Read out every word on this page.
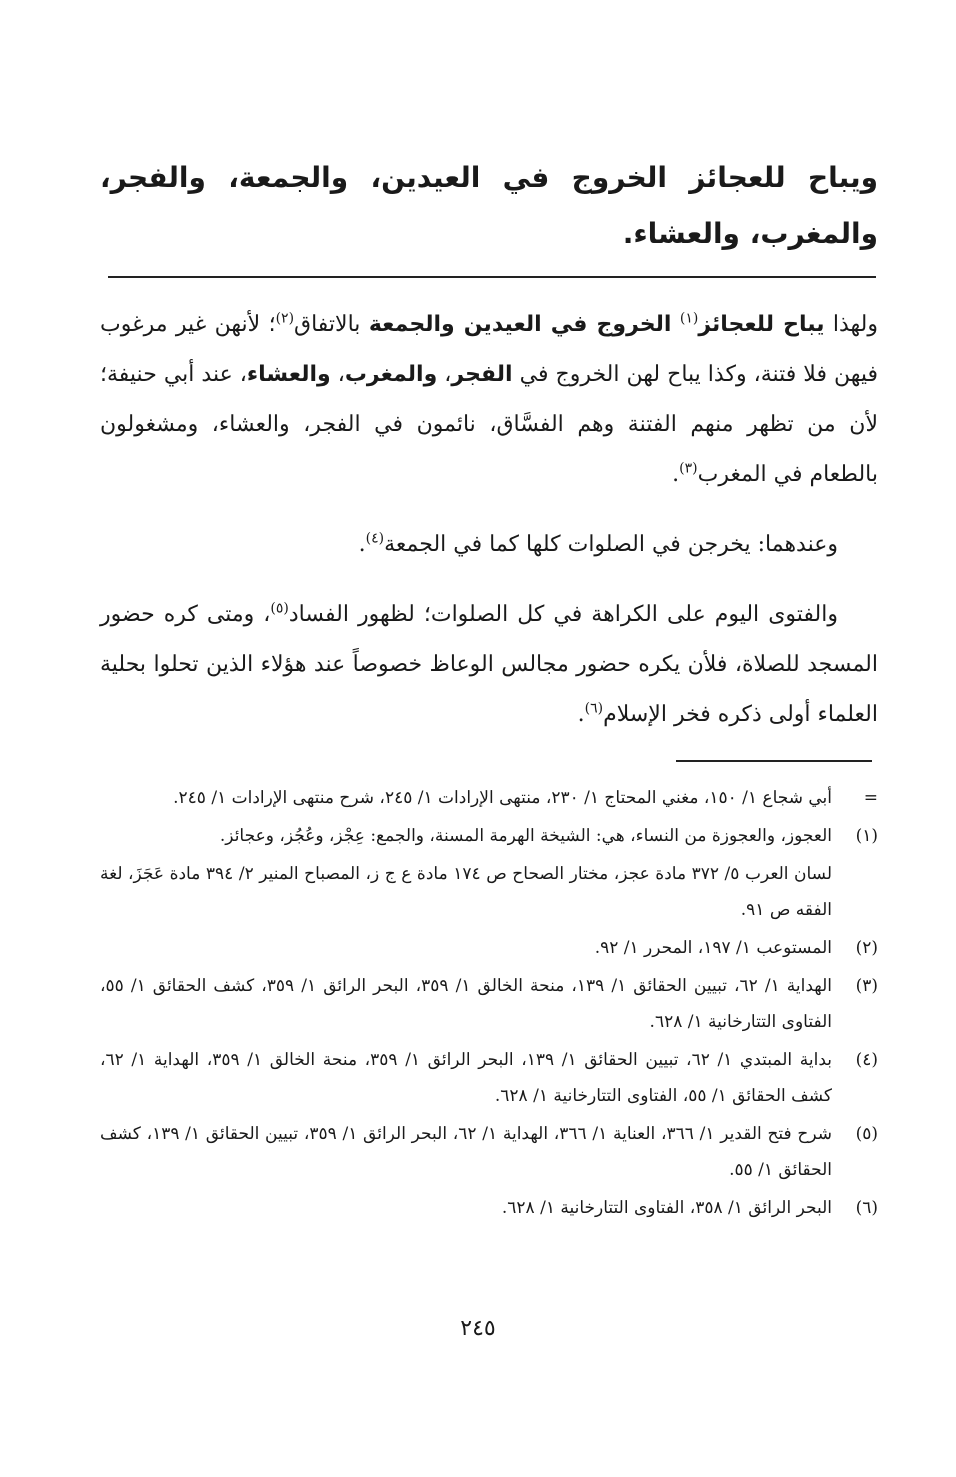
ويباح للعجائز الخروج في العيدين، والجمعة، والفجر، والمغرب، والعشاء.

ولهذا يباح للعجائز$^{(١)}$ الخروج في العيدين والجمعة بالاتفاق$^{(٢)}$؛ لأنهن غير مرغوب فيهن فلا فتنة، وكذا يباح لهن الخروج في الفجر، والمغرب، والعشاء، عند أبي حنيفة؛ لأن من تظهر منهم الفتنة وهم الفسَّاق، نائمون في الفجر، والعشاء، ومشغولون بالطعام في المغرب$^{(٣)}$.

وعندهما: يخرجن في الصلوات كلها كما في الجمعة$^{(٤)}$.

والفتوى اليوم على الكراهة في كل الصلوات؛ لظهور الفساد$^{(٥)}$، ومتى كره حضور المسجد للصلاة، فلأن يكره حضور مجالس الوعاظ خصوصاً عند هؤلاء الذين تحلوا بحلية العلماء أولى ذكره فخر الإسلام$^{(٦)}$.

=
أبي شجاع ١/ ١٥٠، مغني المحتاج ١/ ٢٣٠، منتهى الإرادات ١/ ٢٤٥، شرح منتهى الإرادات ١/ ٢٤٥.
(١)
العجوز، والعجوزة من النساء، هي: الشيخة الهرمة المسنة، والجمع: عِجْز، وعُجُز، وعجائز.
لسان العرب ٥/ ٣٧٢ مادة عجز، مختار الصحاح ص ١٧٤ مادة ع ج ز، المصباح المنير ٢/ ٣٩٤ مادة عَجَزَ، لغة الفقه ص ٩١.
(٢)
المستوعب ١/ ١٩٧، المحرر ١/ ٩٢.
(٣)
الهداية ١/ ٦٢، تبيين الحقائق ١/ ١٣٩، منحة الخالق ١/ ٣٥٩، البحر الرائق ١/ ٣٥٩، كشف الحقائق ١/ ٥٥، الفتاوى التتارخانية ١/ ٦٢٨.
(٤)
بداية المبتدي ١/ ٦٢، تبيين الحقائق ١/ ١٣٩، البحر الرائق ١/ ٣٥٩، منحة الخالق ١/ ٣٥٩، الهداية ١/ ٦٢، كشف الحقائق ١/ ٥٥، الفتاوى التتارخانية ١/ ٦٢٨.
(٥)
شرح فتح القدير ١/ ٣٦٦، العناية ١/ ٣٦٦، الهداية ١/ ٦٢، البحر الرائق ١/ ٣٥٩، تبيين الحقائق ١/ ١٣٩، كشف الحقائق ١/ ٥٥.
(٦)
البحر الرائق ١/ ٣٥٨، الفتاوى التتارخانية ١/ ٦٢٨.
٢٤٥
